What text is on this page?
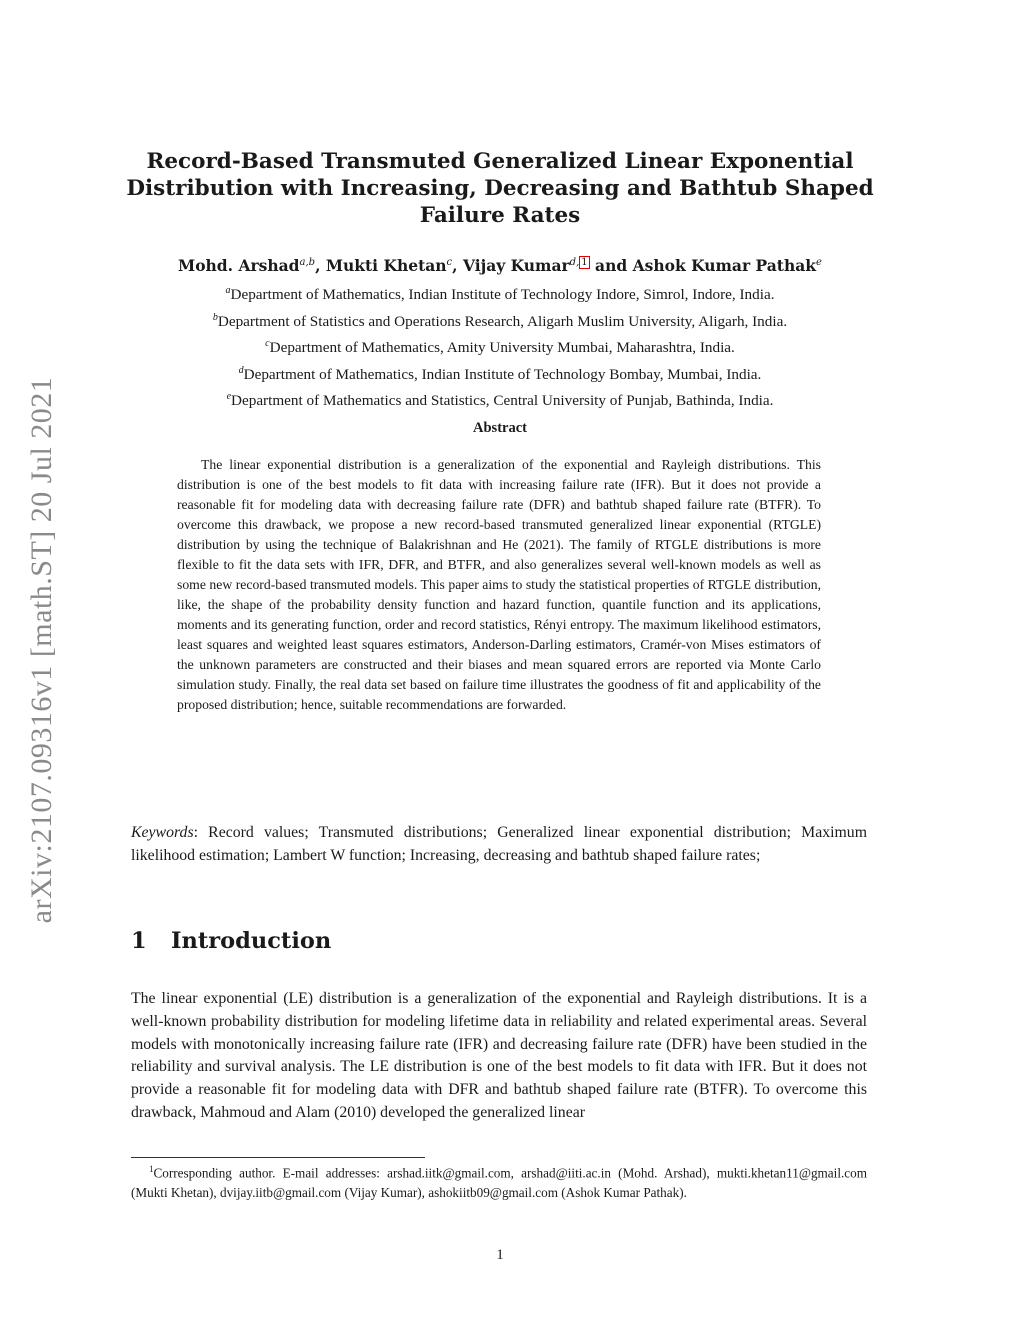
arXiv:2107.09316v1 [math.ST] 20 Jul 2021
Record-Based Transmuted Generalized Linear Exponential
Distribution with Increasing, Decreasing and Bathtub Shaped
Failure Rates
Mohd. Arshad$^{a,b}$, Mukti Khetan$^c$, Vijay Kumar$^{d, 1}$ and Ashok Kumar Pathak$^e$
$^a$Department of Mathematics, Indian Institute of Technology Indore, Simrol, Indore, India.
$^b$Department of Statistics and Operations Research, Aligarh Muslim University, Aligarh, India.
$^c$Department of Mathematics, Amity University Mumbai, Maharashtra, India.
$^d$Department of Mathematics, Indian Institute of Technology Bombay, Mumbai, India.
$^e$Department of Mathematics and Statistics, Central University of Punjab, Bathinda, India.
Abstract

The linear exponential distribution is a generalization of the exponential and Rayleigh distributions. This distribution is one of the best models to fit data with increasing failure rate (IFR). But it does not provide a reasonable fit for modeling data with decreasing failure rate (DFR) and bathtub shaped failure rate (BTFR). To overcome this drawback, we propose a new record-based transmuted generalized linear exponential (RTGLE) distribution by using the technique of Balakrishnan and He (2021). The family of RTGLE distributions is more flexible to fit the data sets with IFR, DFR, and BTFR, and also generalizes several well-known models as well as some new record-based transmuted models. This paper aims to study the statistical properties of RTGLE distribution, like, the shape of the probability density function and hazard function, quantile function and its applications, moments and its generating function, order and record statistics, Rényi entropy. The maximum likelihood estimators, least squares and weighted least squares estimators, Anderson-Darling estimators, Cramér-von Mises estimators of the unknown parameters are constructed and their biases and mean squared errors are reported via Monte Carlo simulation study. Finally, the real data set based on failure time illustrates the goodness of fit and applicability of the proposed distribution; hence, suitable recommendations are forwarded.

Keywords: Record values; Transmuted distributions; Generalized linear exponential distribution; Maximum likelihood estimation; Lambert W function; Increasing, decreasing and bathtub shaped failure rates;
1 Introduction

The linear exponential (LE) distribution is a generalization of the exponential and Rayleigh distributions. It is a well-known probability distribution for modeling lifetime data in reliability and related experimental areas. Several models with monotonically increasing failure rate (IFR) and decreasing failure rate (DFR) have been studied in the reliability and survival analysis. The LE distribution is one of the best models to fit data with IFR. But it does not provide a reasonable fit for modeling data with DFR and bathtub shaped failure rate (BTFR). To overcome this drawback, Mahmoud and Alam (2010) developed the generalized linear

$^1$Corresponding author. E-mail addresses: arshad.iitk@gmail.com, arshad@iiti.ac.in (Mohd. Arshad), mukti.khetan11@gmail.com (Mukti Khetan), dvijay.iitb@gmail.com (Vijay Kumar), ashokiitb09@gmail.com (Ashok Kumar Pathak).

1
